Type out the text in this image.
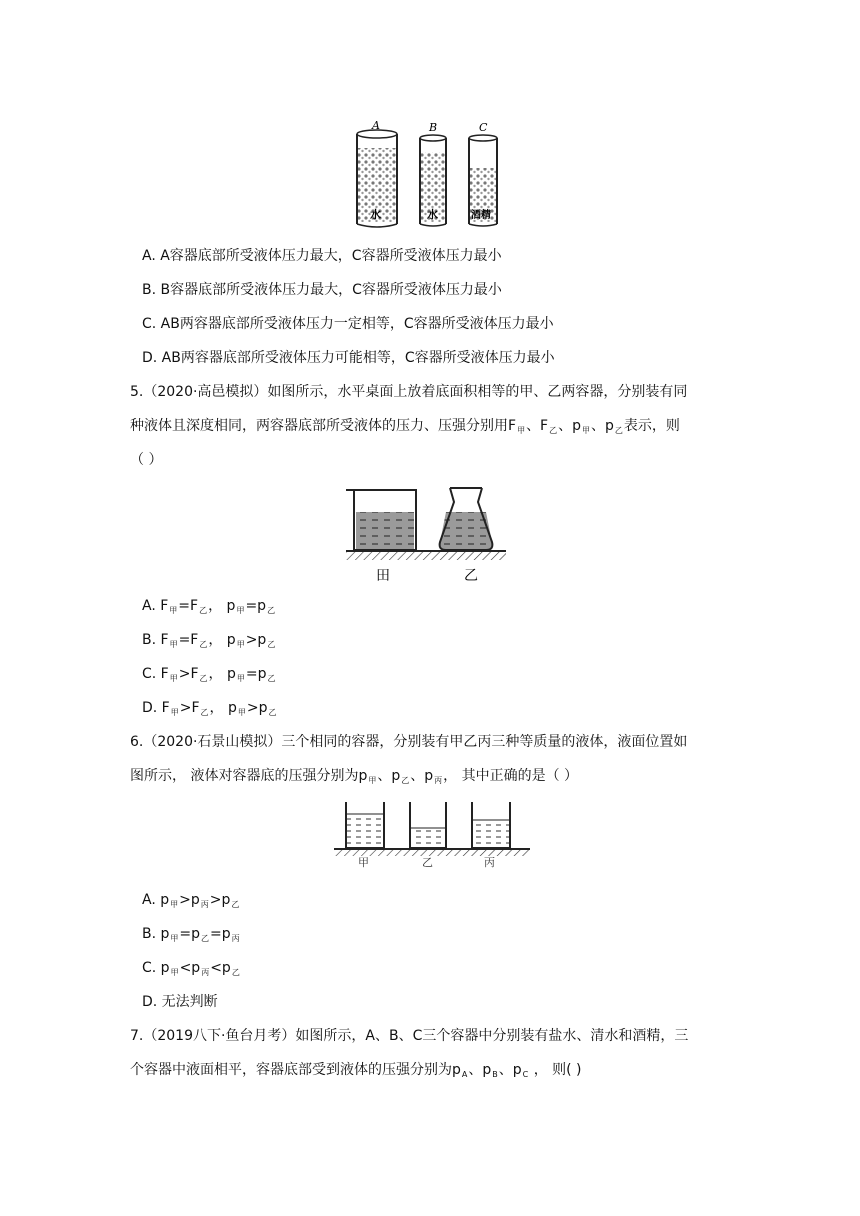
A	B	C
水	水	酒精
A. A容器底部所受液体压力最大，C容器所受液体压力最小
B. B容器底部所受液体压力最大，C容器所受液体压力最小
C. AB两容器底部所受液体压力一定相等，C容器所受液体压力最小
D. AB两容器底部所受液体压力可能相等，C容器所受液体压力最小
5.（2020·高邑模拟）如图所示，水平桌面上放着底面积相等的甲、乙两容器，分别装有同
种液体且深度相同，两容器底部所受液体的压力、压强分别用$F_甲$、$F_乙$、$p_甲$、$p_乙$表示，则
（ ）
田	乙
A. $F_甲=F_乙$， $p_甲=p_乙$
B. $F_甲=F_乙$， $p_甲>p_乙$
C. $F_甲>F_乙$， $p_甲=p_乙$
D. $F_甲>F_乙$， $p_甲>p_乙$
6.（2020·石景山模拟）三个相同的容器，分别装有甲乙丙三种等质量的液体，液面位置如
图所示， 液体对容器底的压强分别为$p_甲$、$p_乙$、$p_丙$， 其中正确的是（ ）
甲	乙	丙
A. $p_甲>p_丙>p_乙$
B. $p_甲=p_乙=p_丙$
C. $p_甲<p_丙<p_乙$
D. 无法判断
7.（2019八下·鱼台月考）如图所示，A、B、C三个容器中分别装有盐水、清水和酒精，三
个容器中液面相平，容器底部受到液体的压强分别为$p_A$、$p_B$、$p_C$ ， 则( )
